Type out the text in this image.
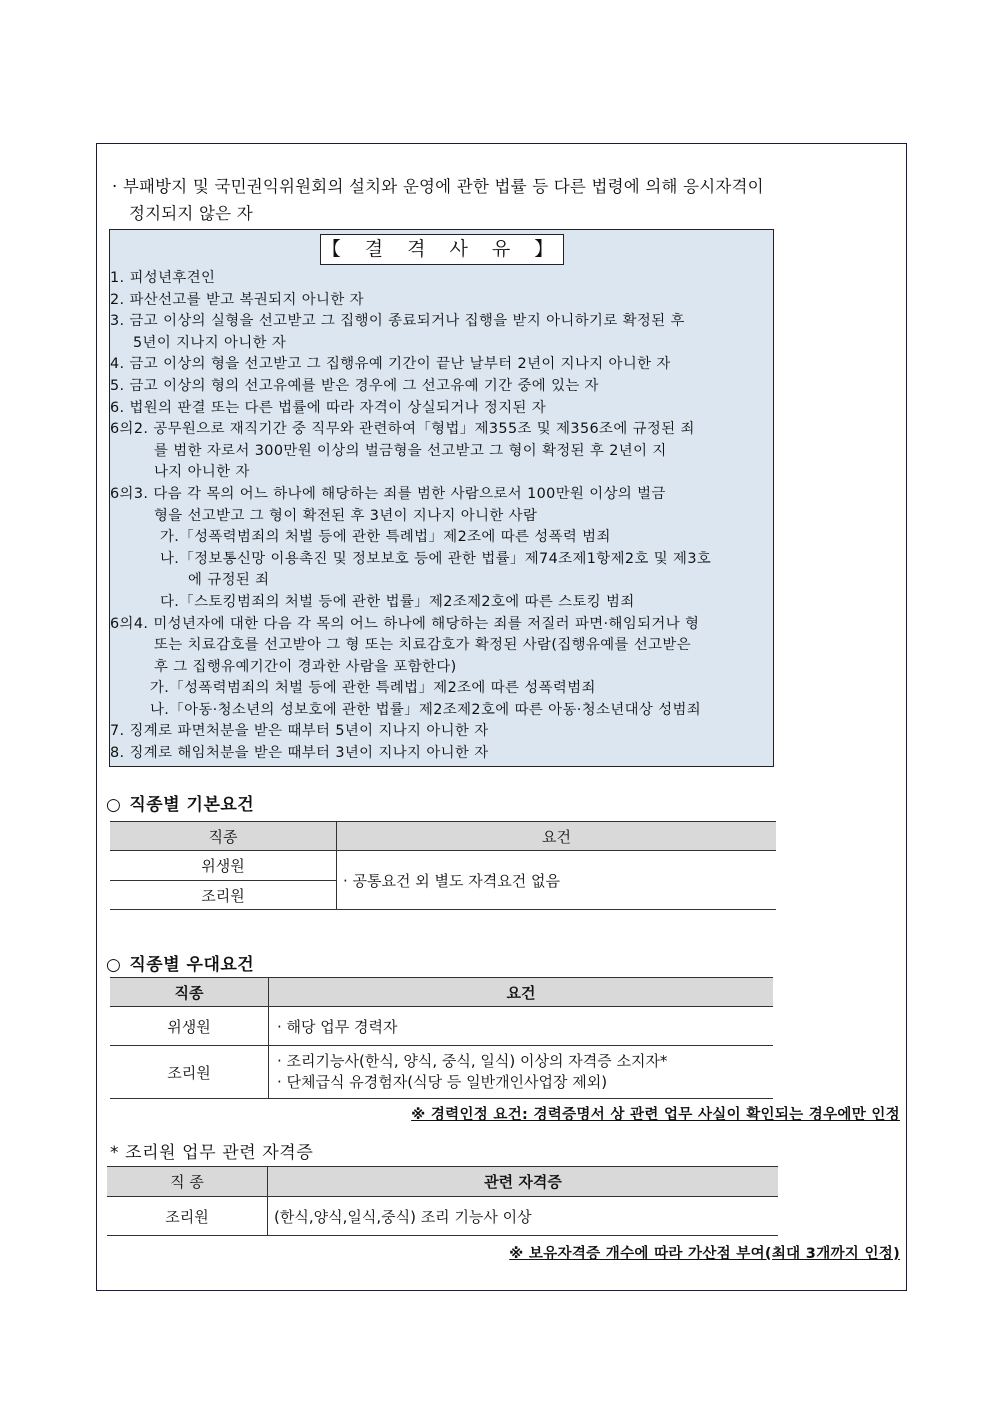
· 부패방지 및 국민권익위원회의 설치와 운영에 관한 법률 등 다른 법령에 의해 응시자격이
정지되지 않은 자
【 결 격 사 유 】
1. 피성년후견인
2. 파산선고를 받고 복권되지 아니한 자
3. 금고 이상의 실형을 선고받고 그 집행이 종료되거나 집행을 받지 아니하기로 확정된 후
5년이 지나지 아니한 자
4. 금고 이상의 형을 선고받고 그 집행유예 기간이 끝난 날부터 2년이 지나지 아니한 자
5. 금고 이상의 형의 선고유예를 받은 경우에 그 선고유예 기간 중에 있는 자
6. 법원의 판결 또는 다른 법률에 따라 자격이 상실되거나 정지된 자
6의2. 공무원으로 재직기간 중 직무와 관련하여「형법」제355조 및 제356조에 규정된 죄
를 범한 자로서 300만원 이상의 벌금형을 선고받고 그 형이 확정된 후 2년이 지
나지 아니한 자
6의3. 다음 각 목의 어느 하나에 해당하는 죄를 범한 사람으로서 100만원 이상의 벌금
형을 선고받고 그 형이 확전된 후 3년이 지나지 아니한 사람
가.「성폭력범죄의 처벌 등에 관한 특례법」제2조에 따른 성폭력 범죄
나.「정보통신망 이용촉진 및 정보보호 등에 관한 법률」제74조제1항제2호 및 제3호
에 규정된 죄
다.「스토킹범죄의 처벌 등에 관한 법률」제2조제2호에 따른 스토킹 범죄
6의4. 미성년자에 대한 다음 각 목의 어느 하나에 해당하는 죄를 저질러 파면·해임되거나 형
또는 치료감호를 선고받아 그 형 또는 치료감호가 확정된 사람(집행유예를 선고받은
후 그 집행유예기간이 경과한 사람을 포함한다)
가.「성폭력범죄의 처벌 등에 관한 특례법」제2조에 따른 성폭력범죄
나.「아동·청소년의 성보호에 관한 법률」제2조제2호에 따른 아동·청소년대상 성범죄
7. 징계로 파면처분을 받은 때부터 5년이 지나지 아니한 자
8. 징계로 해임처분을 받은 때부터 3년이 지나지 아니한 자
○ 직종별 기본요건
직종	요건
위생원	· 공통요건 외 별도 자격요건 없음
조리원	
○ 직종별 우대요건
직종	요건
위생원	· 해당 업무 경력자
조리원	· 조리기능사(한식, 양식, 중식, 일식) 이상의 자격증 소지자*
· 단체급식 유경험자(식당 등 일반개인사업장 제외)
※ 경력인정 요건: 경력증명서 상 관련 업무 사실이 확인되는 경우에만 인정
* 조리원 업무 관련 자격증
직 종	관련 자격증
조리원	(한식,양식,일식,중식) 조리 기능사 이상
※ 보유자격증 개수에 따라 가산점 부여(최대 3개까지 인정)
